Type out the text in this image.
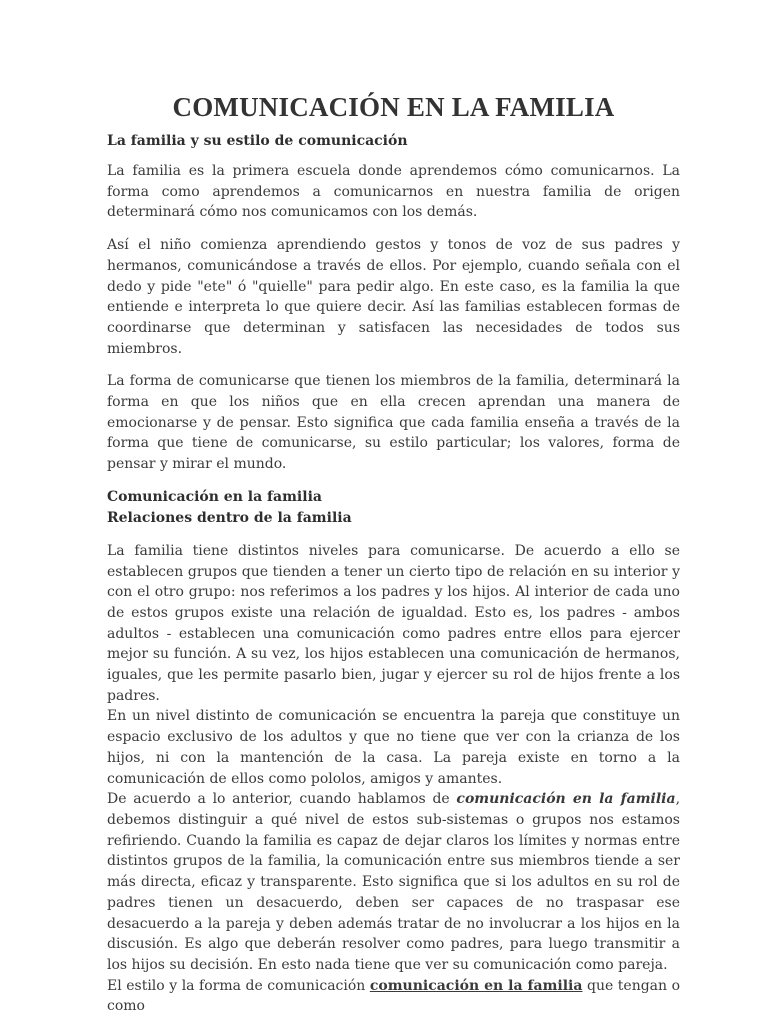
COMUNICACIÓN EN LA FAMILIA
La familia y su estilo de comunicación

La familia es la primera escuela donde aprendemos cómo comunicarnos. La forma como aprendemos a comunicarnos en nuestra familia de origen determinará cómo nos comunicamos con los demás.

Así el niño comienza aprendiendo gestos y tonos de voz de sus padres y hermanos, comunicándose a través de ellos. Por ejemplo, cuando señala con el dedo y pide "ete" ó "quielle" para pedir algo. En este caso, es la familia la que entiende e interpreta lo que quiere decir. Así las familias establecen formas de coordinarse que determinan y satisfacen las necesidades de todos sus miembros.

La forma de comunicarse que tienen los miembros de la familia, determinará la forma en que los niños que en ella crecen aprendan una manera de emocionarse y de pensar. Esto significa que cada familia enseña a través de la forma que tiene de comunicarse, su estilo particular; los valores, forma de pensar y mirar el mundo.

Comunicación en la familia
Relaciones dentro de la familia

La familia tiene distintos niveles para comunicarse. De acuerdo a ello se establecen grupos que tienden a tener un cierto tipo de relación en su interior y con el otro grupo: nos referimos a los padres y los hijos. Al interior de cada uno de estos grupos existe una relación de igualdad. Esto es, los padres - ambos adultos - establecen una comunicación como padres entre ellos para ejercer mejor su función. A su vez, los hijos establecen una comunicación de hermanos, iguales, que les permite pasarlo bien, jugar y ejercer su rol de hijos frente a los padres.

En un nivel distinto de comunicación se encuentra la pareja que constituye un espacio exclusivo de los adultos y que no tiene que ver con la crianza de los hijos, ni con la mantención de la casa. La pareja existe en torno a la comunicación de ellos como pololos, amigos y amantes.

De acuerdo a lo anterior, cuando hablamos de comunicación en la familia, debemos distinguir a qué nivel de estos sub-sistemas o grupos nos estamos refiriendo. Cuando la familia es capaz de dejar claros los límites y normas entre distintos grupos de la familia, la comunicación entre sus miembros tiende a ser más directa, eficaz y transparente. Esto significa que si los adultos en su rol de padres tienen un desacuerdo, deben ser capaces de no traspasar ese desacuerdo a la pareja y deben además tratar de no involucrar a los hijos en la discusión. Es algo que deberán resolver como padres, para luego transmitir a los hijos su decisión. En esto nada tiene que ver su comunicación como pareja.

El estilo y la forma de comunicación comunicación en la familia que tengan o como
